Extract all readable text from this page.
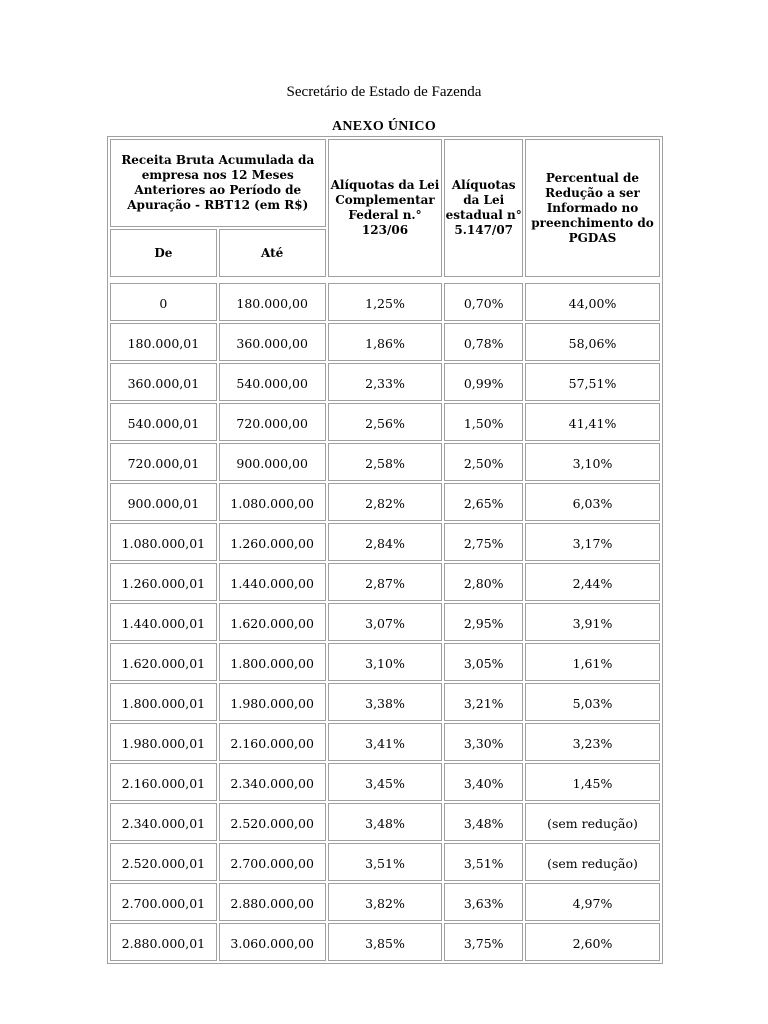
Secretário de Estado de Fazenda
ANEXO ÚNICO
Receita Bruta Acumulada da empresa nos 12 Meses Anteriores ao Período de Apuração - RBT12 (em R$)		Alíquotas da Lei Complementar Federal n.° 123/06	Alíquotas da Lei estadual n° 5.147/07	Percentual de Redução a ser Informado no preenchimento do PGDAS
De	Até			

0	180.000,00	1,25%	0,70%	44,00%
180.000,01	360.000,00	1,86%	0,78%	58,06%
360.000,01	540.000,00	2,33%	0,99%	57,51%
540.000,01	720.000,00	2,56%	1,50%	41,41%
720.000,01	900.000,00	2,58%	2,50%	3,10%
900.000,01	1.080.000,00	2,82%	2,65%	6,03%
1.080.000,01	1.260.000,00	2,84%	2,75%	3,17%
1.260.000,01	1.440.000,00	2,87%	2,80%	2,44%
1.440.000,01	1.620.000,00	3,07%	2,95%	3,91%
1.620.000,01	1.800.000,00	3,10%	3,05%	1,61%
1.800.000,01	1.980.000,00	3,38%	3,21%	5,03%
1.980.000,01	2.160.000,00	3,41%	3,30%	3,23%
2.160.000,01	2.340.000,00	3,45%	3,40%	1,45%
2.340.000,01	2.520.000,00	3,48%	3,48%	(sem redução)
2.520.000,01	2.700.000,00	3,51%	3,51%	(sem redução)
2.700.000,01	2.880.000,00	3,82%	3,63%	4,97%
2.880.000,01	3.060.000,00	3,85%	3,75%	2,60%
